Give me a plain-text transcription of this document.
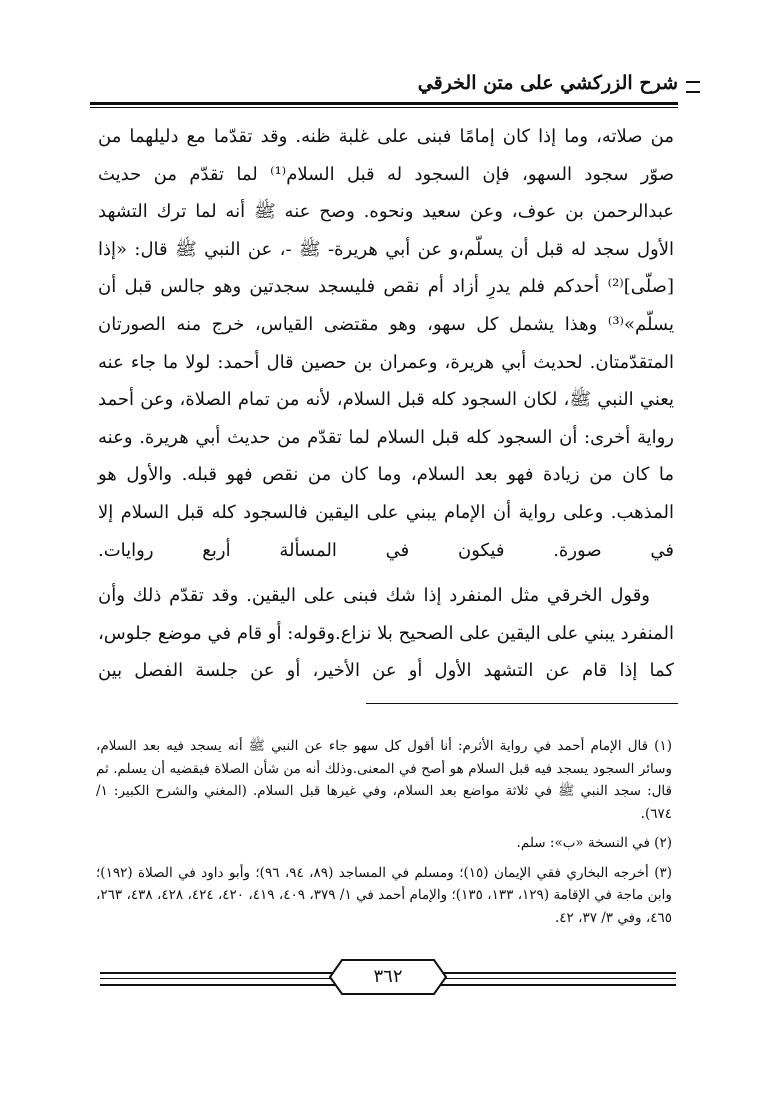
شرح الزركشي على متن الخرقي

من صلاته، وما إذا كان إمامًا فبنى على غلبة ظنه. وقد تقدّما مع دليلهما من صوّر سجود السهو، فإن السجود له قبل السلام⁽¹⁾ لما تقدّم من حديث عبدالرحمن بن عوف، وعن سعيد ونحوه. وصح عنه ﷺ أنه لما ترك التشهد الأول سجد له قبل أن يسلّم،و عن أبي هريرة- ﷺ -، عن النبي ﷺ قال: «إذا [صلّى]⁽²⁾ أحدكم فلم يدرِ أزاد أم نقص فليسجد سجدتين وهو جالس قبل أن يسلّم»⁽³⁾ وهذا يشمل كل سهو، وهو مقتضى القياس، خرج منه الصورتان المتقدّمتان. لحديث أبي هريرة، وعمران بن حصين قال أحمد: لولا ما جاء عنه يعني النبي ﷺ، لكان السجود كله قبل السلام، لأنه من تمام الصلاة، وعن أحمد رواية أخرى: أن السجود كله قبل السلام لما تقدّم من حديث أبي هريرة. وعنه ما كان من زيادة فهو بعد السلام، وما كان من نقص فهو قبله. والأول هو المذهب. وعلى رواية أن الإمام يبني على اليقين فالسجود كله قبل السلام إلا في صورة. فيكون في المسألة أربع روايات.

وقول الخرقي مثل المنفرد إذا شك فبنى على اليقين. وقد تقدّم ذلك وأن المنفرد يبني على اليقين على الصحيح بلا نزاع.وقوله: أو قام في موضع جلوس، كما إذا قام عن التشهد الأول أو عن الأخير، أو عن جلسة الفصل بين

(١) قال الإمام أحمد في رواية الأثرم: أنا أقول كل سهو جاء عن النبي ﷺ أنه يسجد فيه بعد السلام، وسائر السجود يسجد فيه قبل السلام هو أصح في المعنى.وذلك أنه من شأن الصلاة فيقضيه أن يسلم. ثم قال: سجد النبي ﷺ في ثلاثة مواضع بعد السلام، وفي غيرها قبل السلام. (المغني والشرح الكبير: ١/ ٦٧٤).

(٢) في النسخة «ب»: سلم.

(٣) أخرجه البخاري فقي الإيمان (١٥)؛ ومسلم في المساجد (٨٩، ٩٤، ٩٦)؛ وأبو داود في الصلاة (١٩٢)؛ وابن ماجة في الإقامة (١٢٩، ١٣٣، ١٣٥)؛ والإمام أحمد في ١/ ٣٧٩، ٤٠٩، ٤١٩، ٤٢٠، ٤٢٤، ٤٢٨، ٤٣٨، ٢٦٣، ٤٦٥، وفي ٣/ ٣٧، ٤٢.

٣٦٢
